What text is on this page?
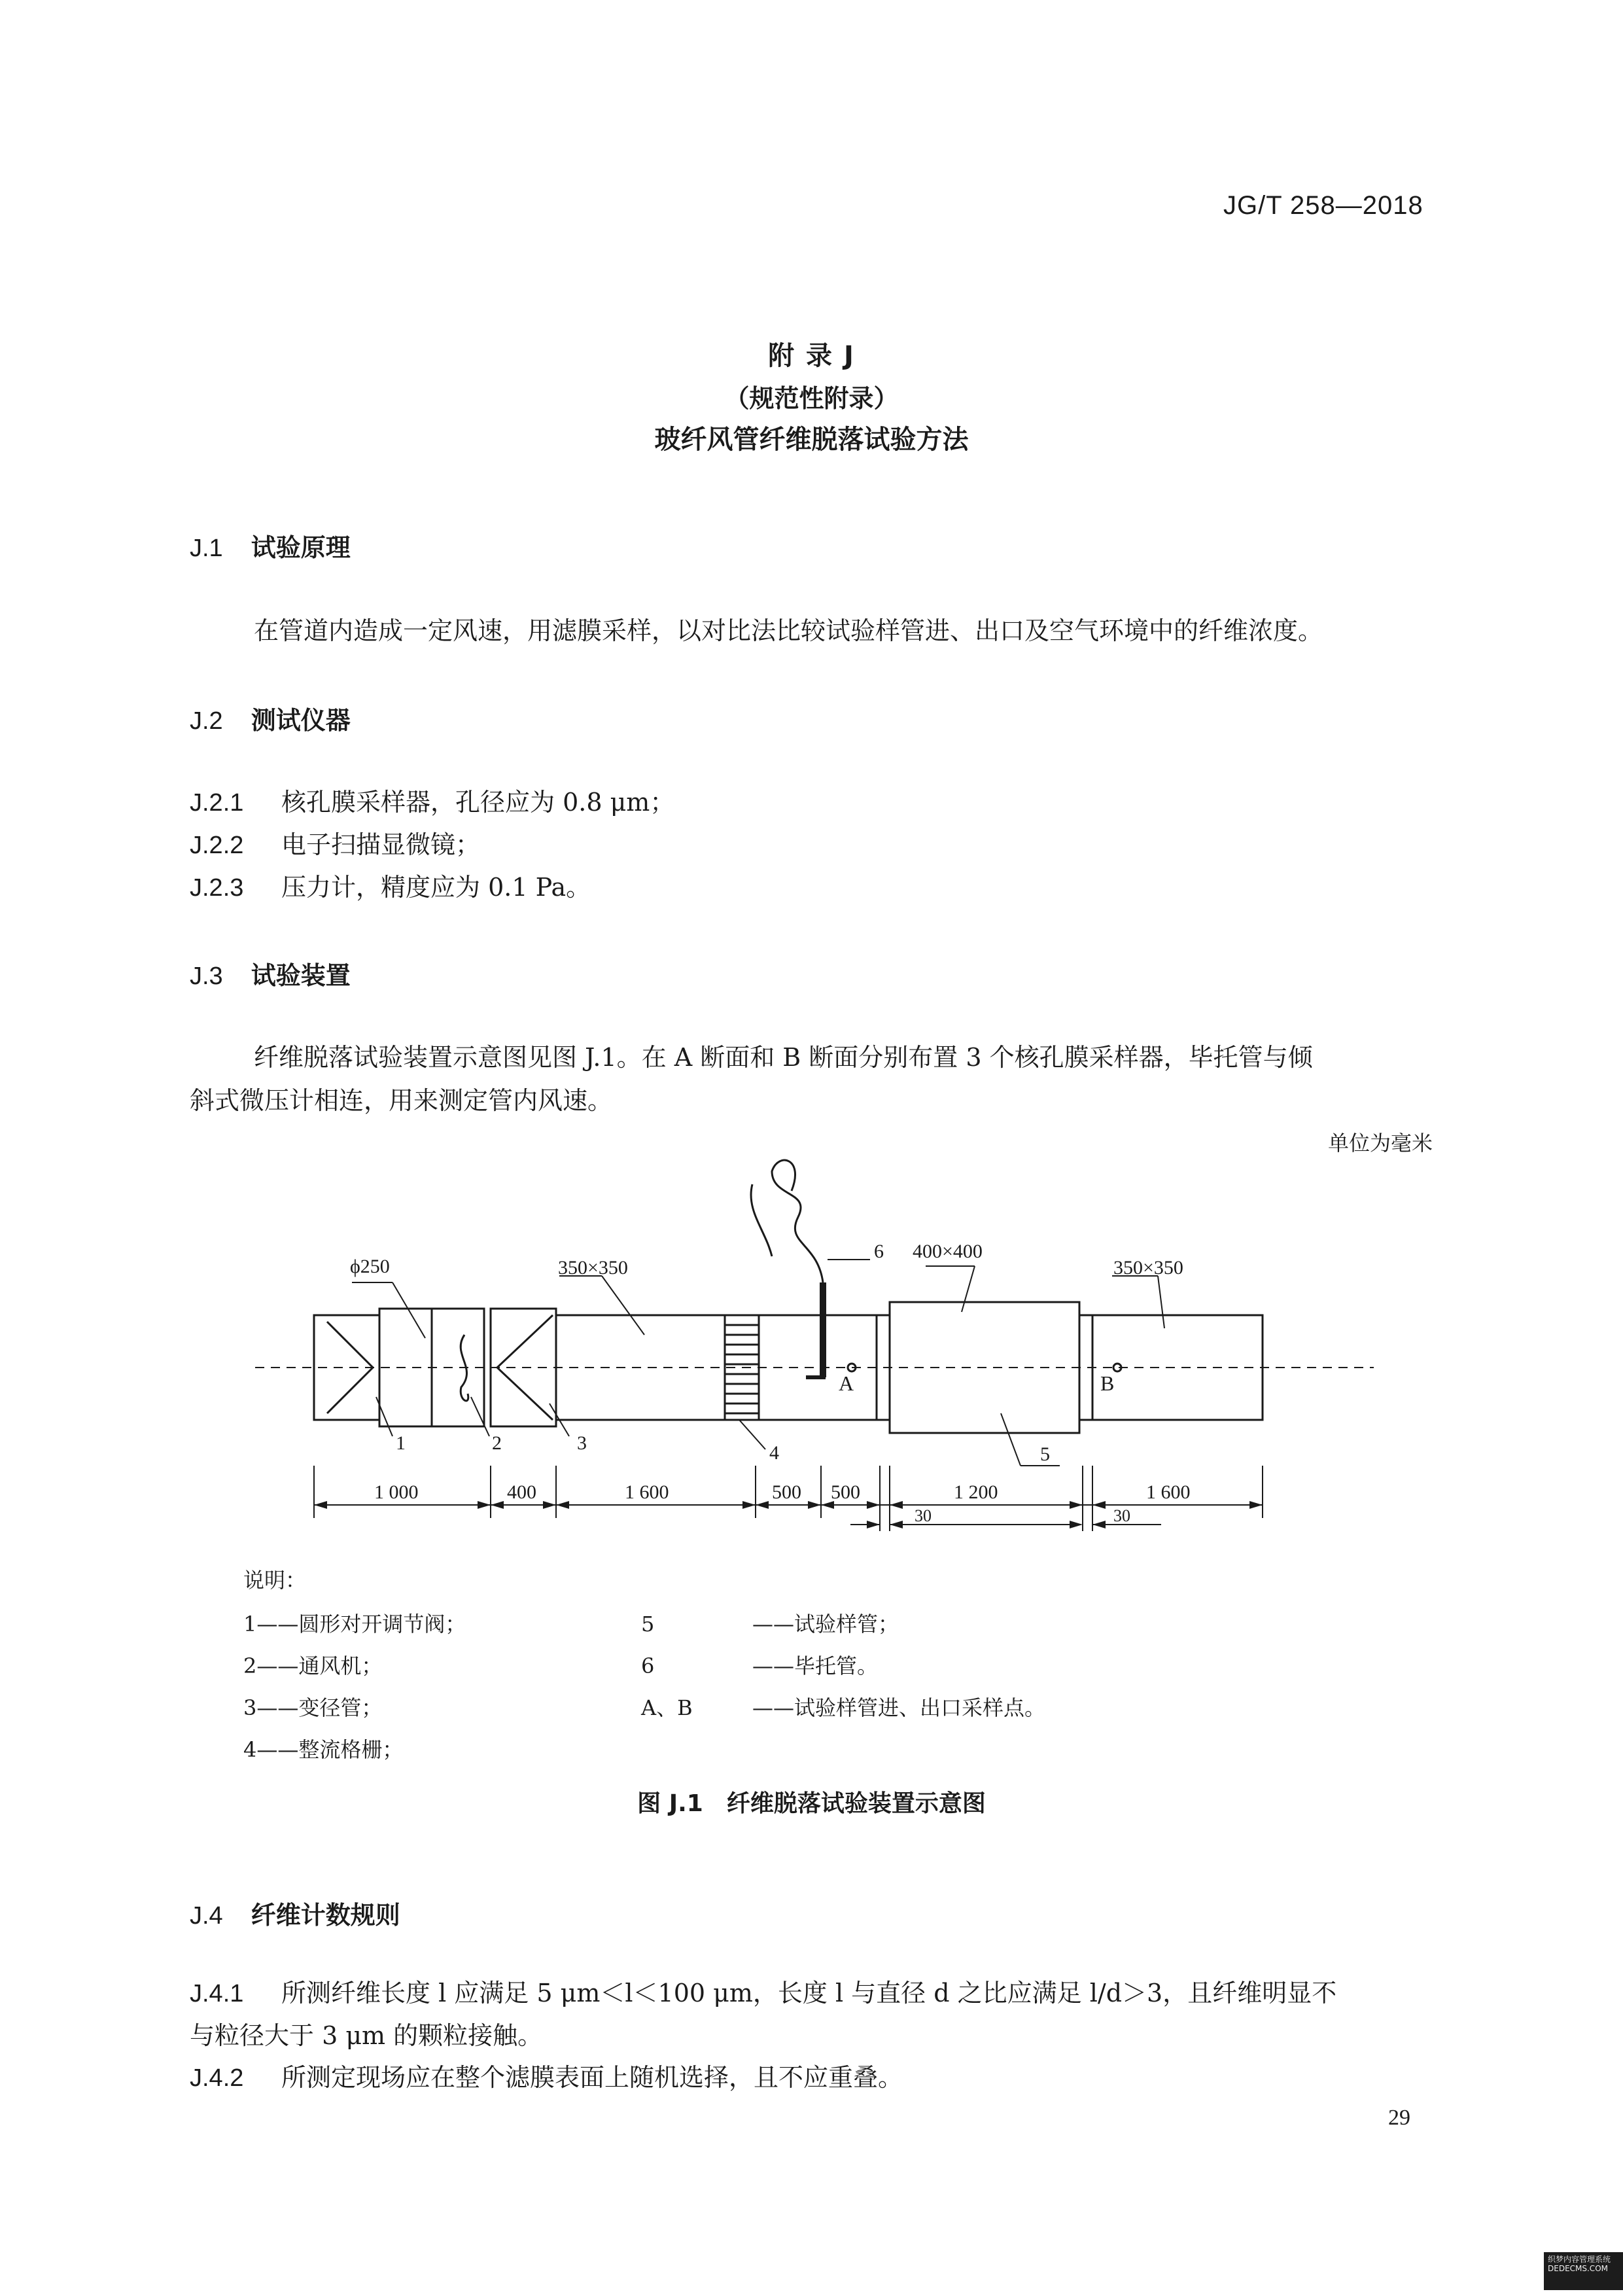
JG/T 258—2018
附 录 J
（规范性附录）
玻纤风管纤维脱落试验方法
J.1 试验原理
在管道内造成一定风速，用滤膜采样，以对比法比较试验样管进、出口及空气环境中的纤维浓度。
J.2 测试仪器
J.2.1 核孔膜采样器，孔径应为 0.8 μm；
J.2.2 电子扫描显微镜；
J.2.3 压力计，精度应为 0.1 Pa。
J.3 试验装置
纤维脱落试验装置示意图见图 J.1。在 A 断面和 B 断面分别布置 3 个核孔膜采样器，毕托管与倾
斜式微压计相连，用来测定管内风速。
单位为毫米
ϕ250	350×350
400×400
350×350
6
A	B
1	2	3	4	5
1 000	400	1 600	500 500	1 200	1 600
30	30
说明：
1——圆形对开调节阀；
2——通风机；
3——变径管；
4——整流格栅；
5	——试验样管；
6	——毕托管。
A、B	——试验样管进、出口采样点。
图 J.1　纤维脱落试验装置示意图
J.4 纤维计数规则
J.4.1 所测纤维长度 l 应满足 5 μm＜l＜100 μm，长度 l 与直径 d 之比应满足 l/d＞3，且纤维明显不
与粒径大于 3 μm 的颗粒接触。
J.4.2 所测定现场应在整个滤膜表面上随机选择，且不应重叠。
29
织梦内容管理系统 DEDECMS.COM
